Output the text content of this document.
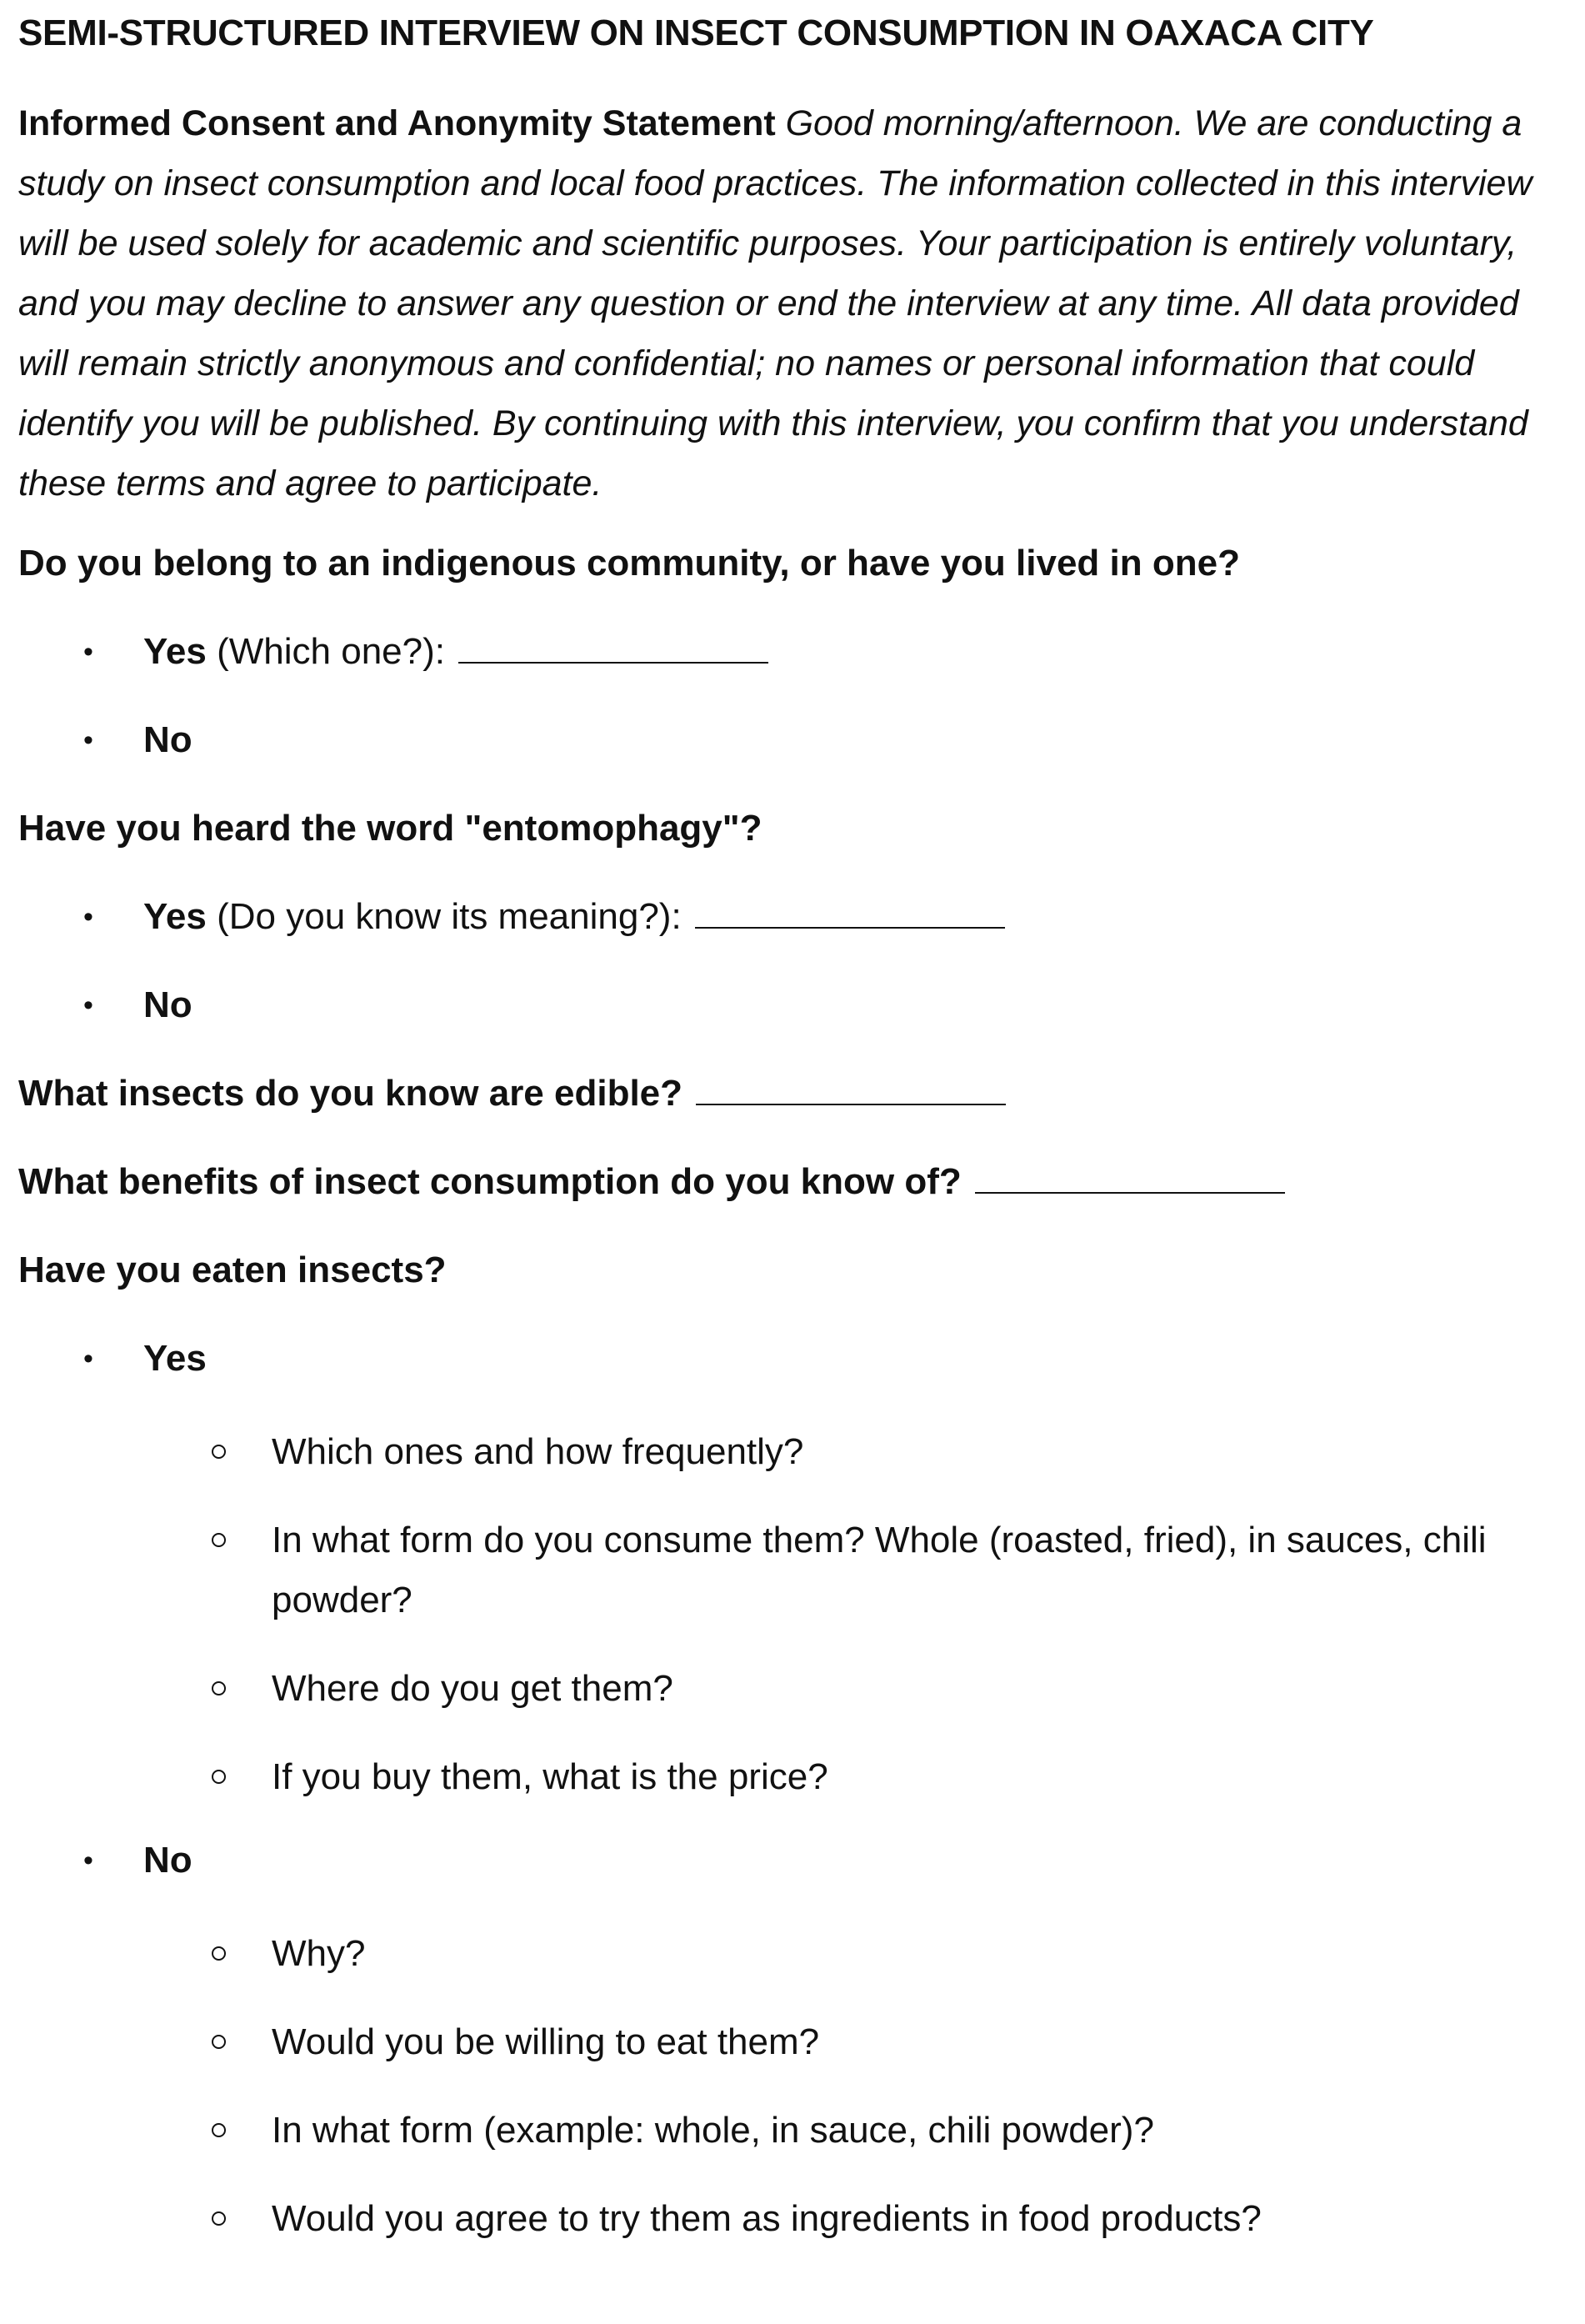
SEMI-STRUCTURED INTERVIEW ON INSECT CONSUMPTION IN OAXACA CITY
Informed Consent and Anonymity Statement Good morning/afternoon. We are conducting a study on insect consumption and local food practices. The information collected in this interview will be used solely for academic and scientific purposes. Your participation is entirely voluntary, and you may decline to answer any question or end the interview at any time. All data provided will remain strictly anonymous and confidential; no names or personal information that could identify you will be published. By continuing with this interview, you confirm that you understand these terms and agree to participate.
Do you belong to an indigenous community, or have you lived in one?
• Yes (Which one?):
• No
Have you heard the word "entomophagy"?
• Yes (Do you know its meaning?):
• No
What insects do you know are edible?
What benefits of insect consumption do you know of?
Have you eaten insects?
• Yes
Which ones and how frequently?
In what form do you consume them? Whole (roasted, fried), in sauces, chili powder?
Where do you get them?
If you buy them, what is the price?
• No
Why?
Would you be willing to eat them?
In what form (example: whole, in sauce, chili powder)?
Would you agree to try them as ingredients in food products?
